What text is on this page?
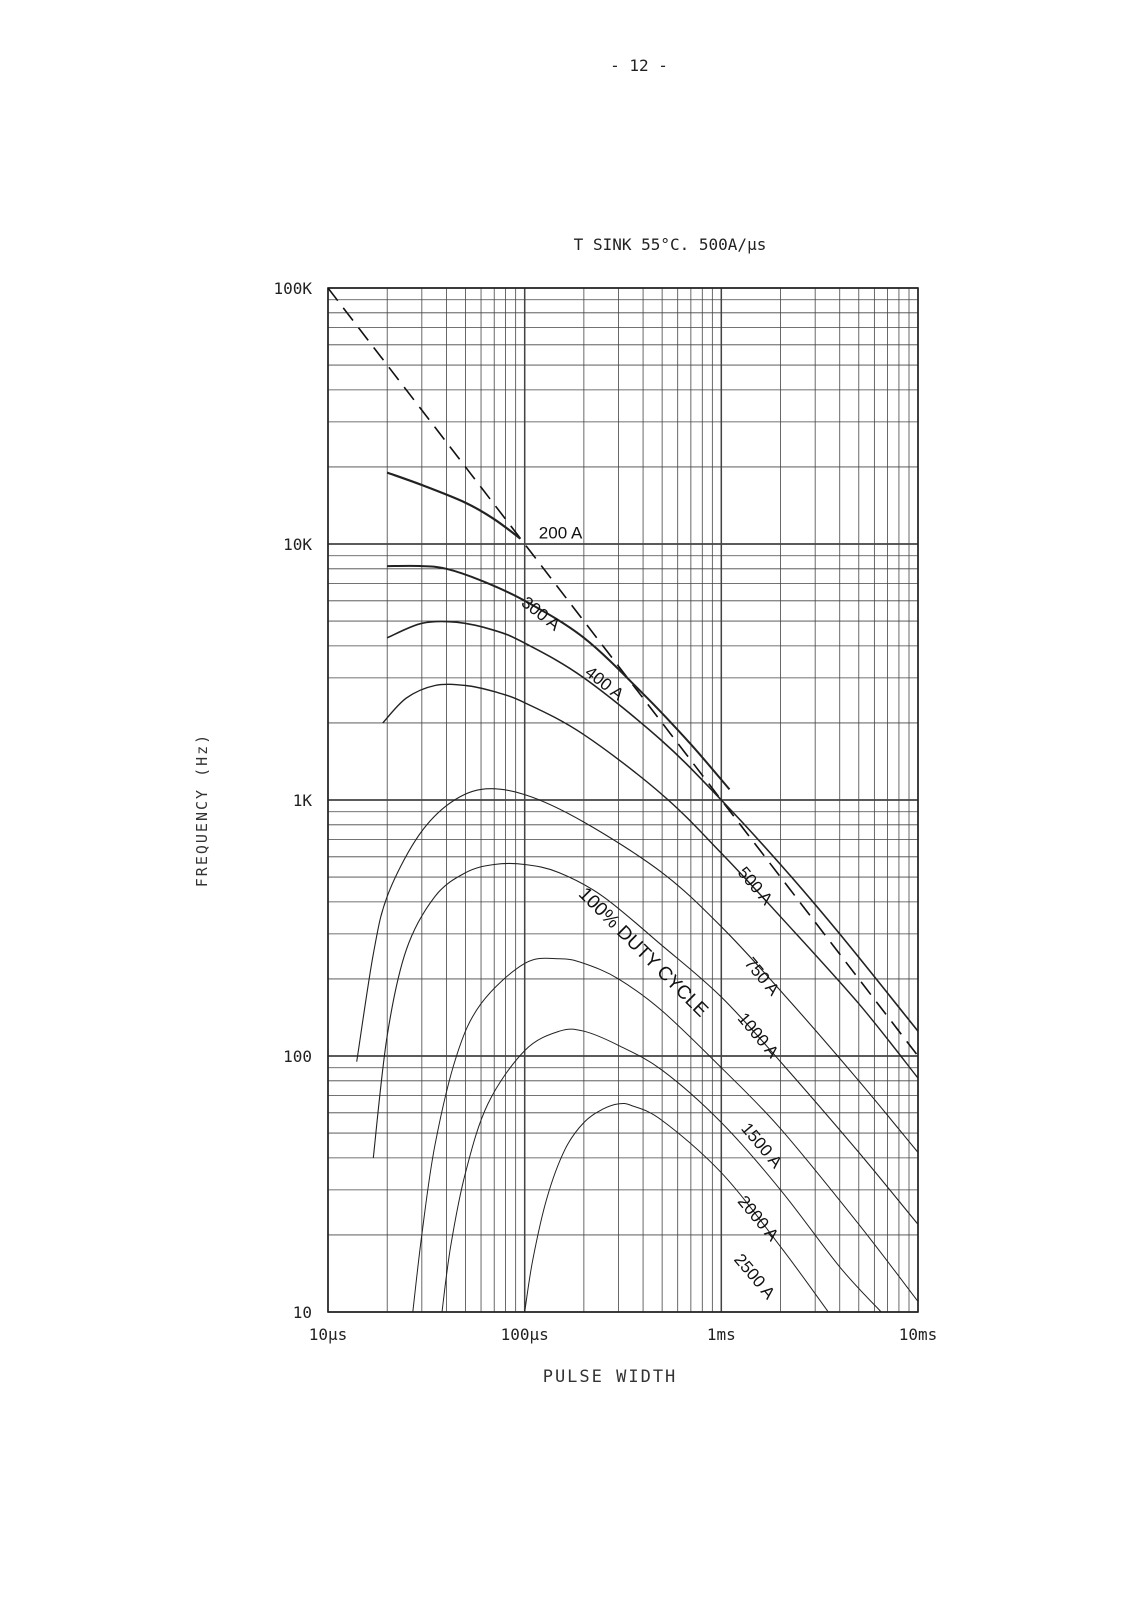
- 12 -
T SINK 55°C. 500A/μs
10μs	100μs	1ms	10ms
100K
10K
1K
100
10
100% DUTY CYCLE
200 A
300 A
400 A
500 A
750 A
1000 A
1500 A
2000 A
2500 A
PULSE WIDTH
FREQUENCY (Hz)
